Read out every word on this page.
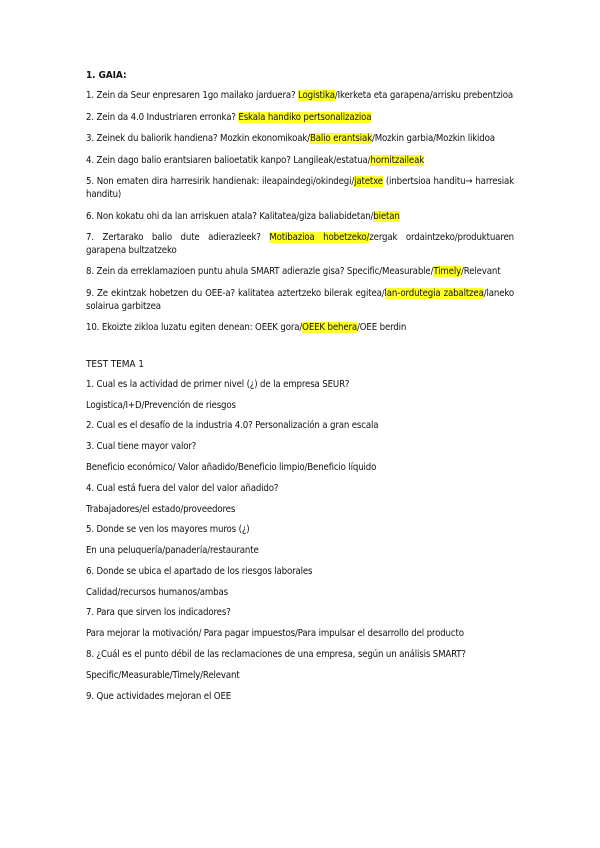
1. GAIA:

1. Zein da Seur enpresaren 1go mailako jarduera? Logistika/Ikerketa eta garapena/arrisku prebentzioa

2. Zein da 4.0 Industriaren erronka? Eskala handiko pertsonalizazioa

3. Zeinek du baliorik handiena? Mozkin ekonomikoak/Balio erantsiak/Mozkin garbia/Mozkin likidoa

4. Zein dago balio erantsiaren balioetatik kanpo? Langileak/estatua/hornitzaileak

5. Non ematen dira harresirik handienak: ileapaindegi/okindegi/jatetxe (inbertsioa handitu→ harresiak handitu)

6. Non kokatu ohi da lan arriskuen atala? Kalitatea/giza baliabidetan/bietan

7. Zertarako balio dute adierazleek? Motibazioa hobetzeko/zergak ordaintzeko/produktuaren garapena bultzatzeko

8. Zein da erreklamazioen puntu ahula SMART adierazle gisa? Specific/Measurable/Timely/Relevant

9. Ze ekintzak hobetzen du OEE-a? kalitatea aztertzeko bilerak egitea/lan-ordutegia zabaltzea/laneko solairua garbitzea

10. Ekoizte zikloa luzatu egiten denean: OEEK gora/OEEK behera/OEE berdin

TEST TEMA 1

1. Cual es la actividad de primer nivel (¿) de la empresa SEUR?

Logistica/I+D/Prevención de riesgos

2. Cual es el desafío de la industria 4.0? Personalización a gran escala

3. Cual tiene mayor valor?

Beneficio económico/ Valor añadido/Beneficio limpio/Beneficio líquido

4. Cual está fuera del valor del valor añadido?

Trabajadores/el estado/proveedores

5. Donde se ven los mayores muros (¿)

En una peluquería/panadería/restaurante

6. Donde se ubica el apartado de los riesgos laborales

Calidad/recursos humanos/ambas

7. Para que sirven los indicadores?

Para mejorar la motivación/ Para pagar impuestos/Para impulsar el desarrollo del producto

8. ¿Cuál es el punto débil de las reclamaciones de una empresa, según un análisis SMART?

Specific/Measurable/Timely/Relevant

9. Que actividades mejoran el OEE
